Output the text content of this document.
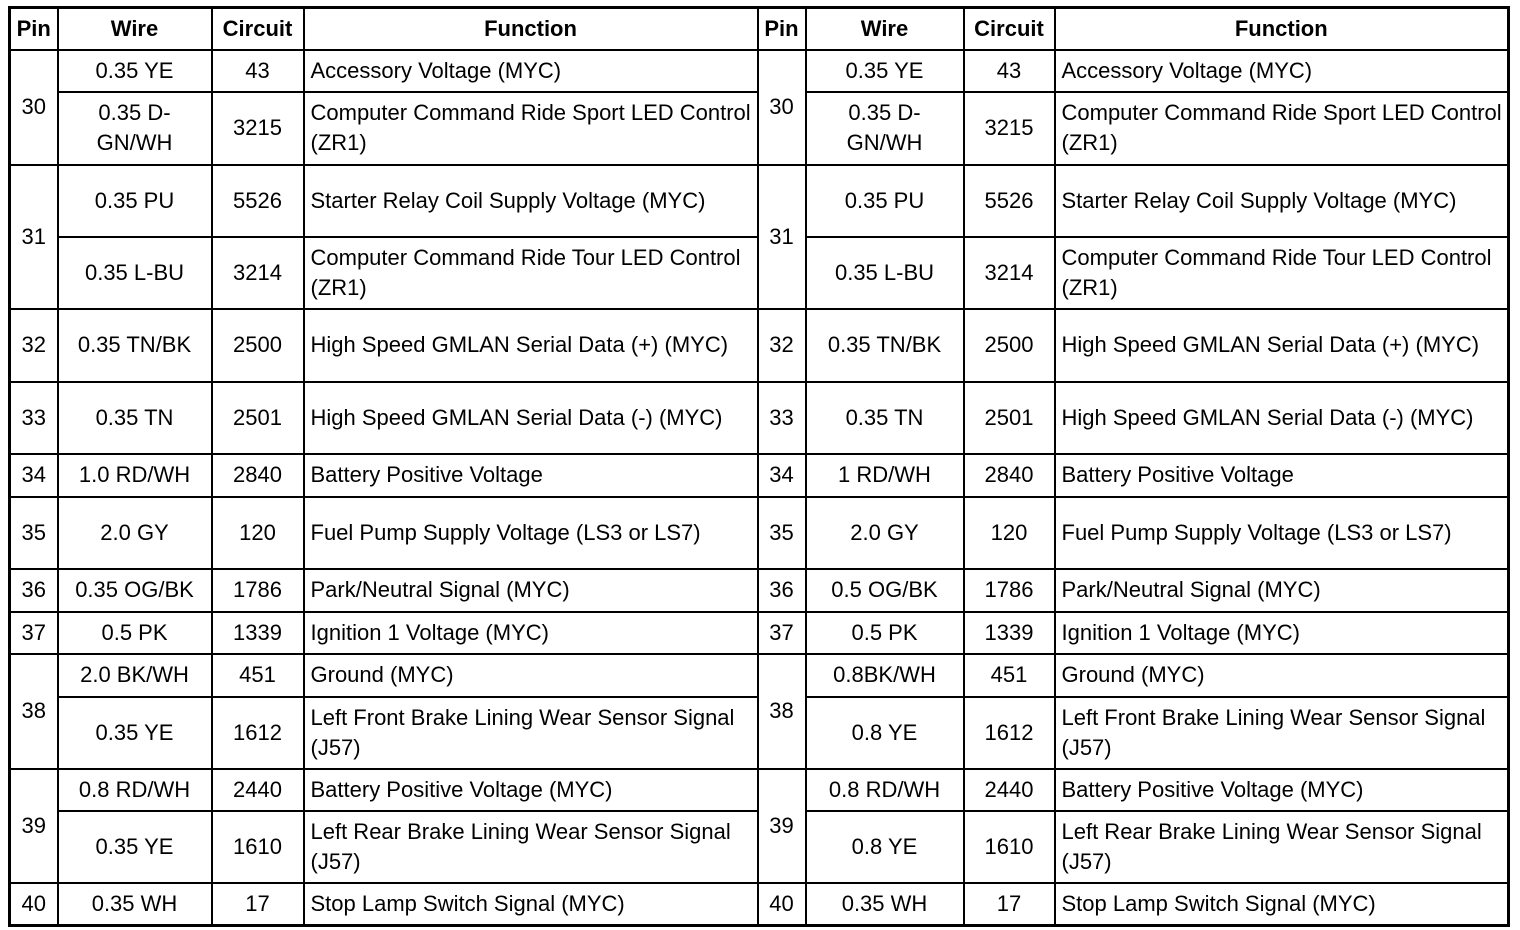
Pin	Wire	Circuit	Function	Pin	Wire	Circuit	Function
30	0.35 YE	43	Accessory Voltage (MYC)	30	0.35 YE	43	Accessory Voltage (MYC)
	0.35 D-GN/WH	3215	Computer Command Ride Sport LED Control (ZR1)		0.35 D-GN/WH	3215	Computer Command Ride Sport LED Control (ZR1)
31	0.35 PU	5526	Starter Relay Coil Supply Voltage (MYC)	31	0.35 PU	5526	Starter Relay Coil Supply Voltage (MYC)
	0.35 L-BU	3214	Computer Command Ride Tour LED Control (ZR1)		0.35 L-BU	3214	Computer Command Ride Tour LED Control (ZR1)
32	0.35 TN/BK	2500	High Speed GMLAN Serial Data (+) (MYC)	32	0.35 TN/BK	2500	High Speed GMLAN Serial Data (+) (MYC)
33	0.35 TN	2501	High Speed GMLAN Serial Data (-) (MYC)	33	0.35 TN	2501	High Speed GMLAN Serial Data (-) (MYC)
34	1.0 RD/WH	2840	Battery Positive Voltage	34	1 RD/WH	2840	Battery Positive Voltage
35	2.0 GY	120	Fuel Pump Supply Voltage (LS3 or LS7)	35	2.0 GY	120	Fuel Pump Supply Voltage (LS3 or LS7)
36	0.35 OG/BK	1786	Park/Neutral Signal (MYC)	36	0.5 OG/BK	1786	Park/Neutral Signal (MYC)
37	0.5 PK	1339	Ignition 1 Voltage (MYC)	37	0.5 PK	1339	Ignition 1 Voltage (MYC)
38	2.0 BK/WH	451	Ground (MYC)	38	0.8BK/WH	451	Ground (MYC)
	0.35 YE	1612	Left Front Brake Lining Wear Sensor Signal (J57)		0.8 YE	1612	Left Front Brake Lining Wear Sensor Signal (J57)
39	0.8 RD/WH	2440	Battery Positive Voltage (MYC)	39	0.8 RD/WH	2440	Battery Positive Voltage (MYC)
	0.35 YE	1610	Left Rear Brake Lining Wear Sensor Signal (J57)		0.8 YE	1610	Left Rear Brake Lining Wear Sensor Signal (J57)
40	0.35 WH	17	Stop Lamp Switch Signal (MYC)	40	0.35 WH	17	Stop Lamp Switch Signal (MYC)
